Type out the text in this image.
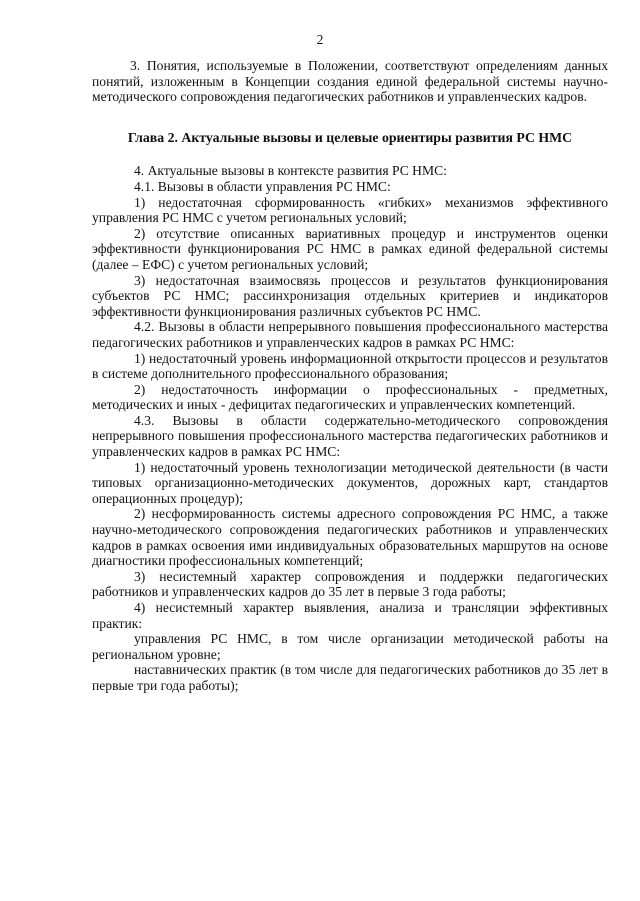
2

3. Понятия, используемые в Положении, соответствуют определениям данных понятий, изложенным в Концепции создания единой федеральной системы научно-методического сопровождения педагогических работников и управленческих кадров.

Глава 2. Актуальные вызовы и целевые ориентиры развития РС НМС

4. Актуальные вызовы в контексте развития РС НМС:

4.1. Вызовы в области управления РС НМС:

1) недостаточная сформированность «гибких» механизмов эффективного управления РС НМС с учетом региональных условий;

2) отсутствие описанных вариативных процедур и инструментов оценки эффективности функционирования РС НМС в рамках единой федеральной системы (далее – ЕФС) с учетом региональных условий;

3) недостаточная взаимосвязь процессов и результатов функционирования субъектов РС НМС; рассинхронизация отдельных критериев и индикаторов эффективности функционирования различных субъектов РС НМС.

4.2. Вызовы в области непрерывного повышения профессионального мастерства педагогических работников и управленческих кадров в рамках РС НМС:

1) недостаточный уровень информационной открытости процессов и результатов в системе дополнительного профессионального образования;

2) недостаточность информации о профессиональных - предметных, методических и иных - дефицитах педагогических и управленческих компетенций.

4.3. Вызовы в области содержательно-методического сопровождения непрерывного повышения профессионального мастерства педагогических работников и управленческих кадров в рамках РС НМС:

1) недостаточный уровень технологизации методической деятельности (в части типовых организационно-методических документов, дорожных карт, стандартов операционных процедур);

2) несформированность системы адресного сопровождения РС НМС, а также научно-методического сопровождения педагогических работников и управленческих кадров в рамках освоения ими индивидуальных образовательных маршрутов на основе диагностики профессиональных компетенций;

3) несистемный характер сопровождения и поддержки педагогических работников и управленческих кадров до 35 лет в первые 3 года работы;

4) несистемный характер выявления, анализа и трансляции эффективных практик:

управления РС НМС, в том числе организации методической работы на региональном уровне;

наставнических практик (в том числе для педагогических работников до 35 лет в первые три года работы);
